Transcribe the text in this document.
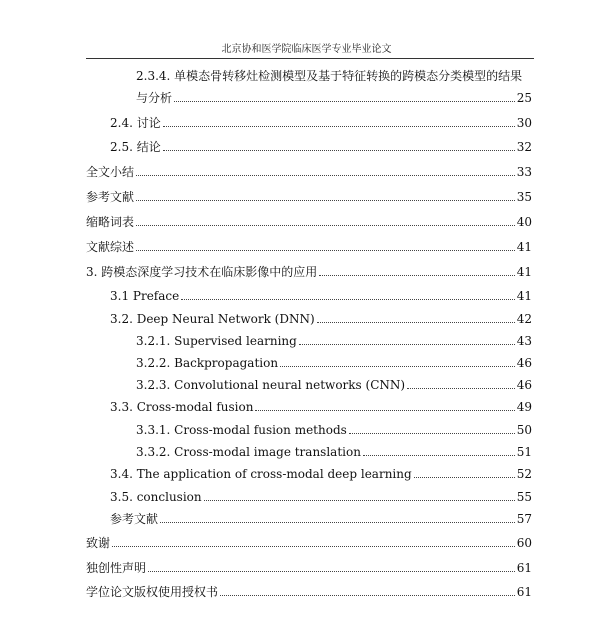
北京协和医学院临床医学专业毕业论文
2.3.4. 单模态骨转移灶检测模型及基于特征转换的跨模态分类模型的结果
与分析	25
2.4. 讨论	30
2.5. 结论	32
全文小结	33
参考文献	35
缩略词表	40
文献综述	41
3. 跨模态深度学习技术在临床影像中的应用	41
3.1 Preface	41
3.2. Deep Neural Network (DNN)	42
3.2.1. Supervised learning	43
3.2.2. Backpropagation	46
3.2.3. Convolutional neural networks (CNN)	46
3.3. Cross-modal fusion	49
3.3.1. Cross-modal fusion methods	50
3.3.2. Cross-modal image translation	51
3.4. The application of cross-modal deep learning	52
3.5. conclusion	55
参考文献	57
致谢	60
独创性声明	61
学位论文版权使用授权书	61
